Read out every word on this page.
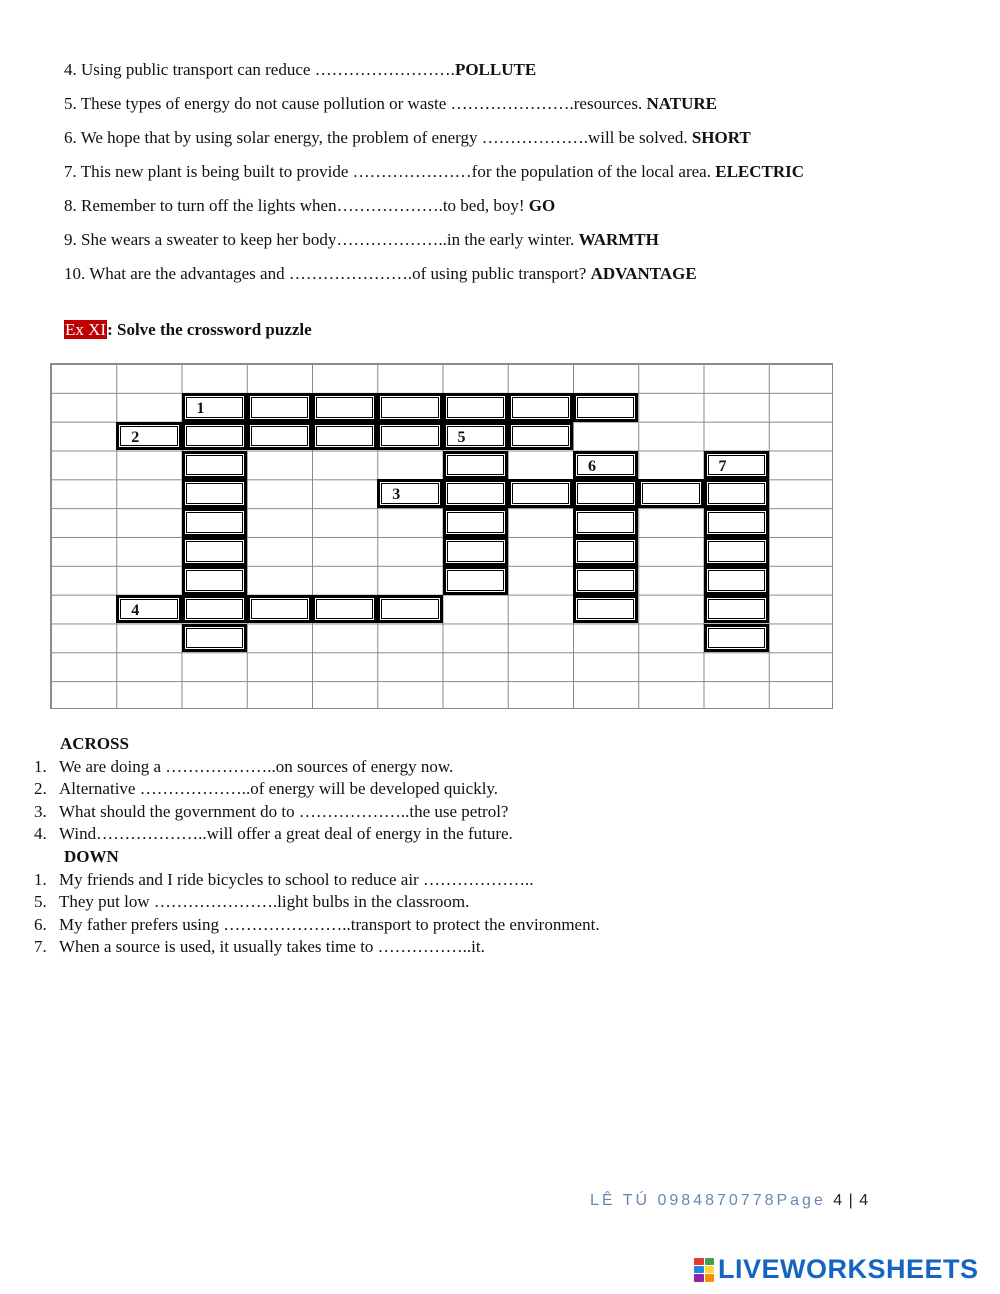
4. Using public transport can reduce …………………….POLLUTE
5. These types of energy do not cause pollution or waste ………………….resources. NATURE
6. We hope that by using solar energy, the problem of energy ……………….will be solved. SHORT
7. This new plant is being built to provide …………………for the population of the local area. ELECTRIC
8. Remember to turn off the lights when……………….to bed, boy! GO
9. She wears a sweater to keep her body………………..in the early winter. WARMTH
10. What are the advantages and ………………….of using public transport? ADVANTAGE
Ex XI: Solve the crossword puzzle
1
2	5
6	7
3
4
ACROSS
1. We are doing a ………………..on sources of energy now.
2. Alternative ………………..of energy will be developed quickly.
3. What should the government do to ………………..the use petrol?
4. Wind………………..will offer a great deal of energy in the future.
DOWN
1. My friends and I ride bicycles to school to reduce air ………………..
5. They put low ………………….light bulbs in the classroom.
6. My father prefers using …………………..transport to protect the environment.
7. When a source is used, it usually takes time to ……………..it.
LÊ TÚ 0984870778Page 4 | 4
LIVEWORKSHEETS
